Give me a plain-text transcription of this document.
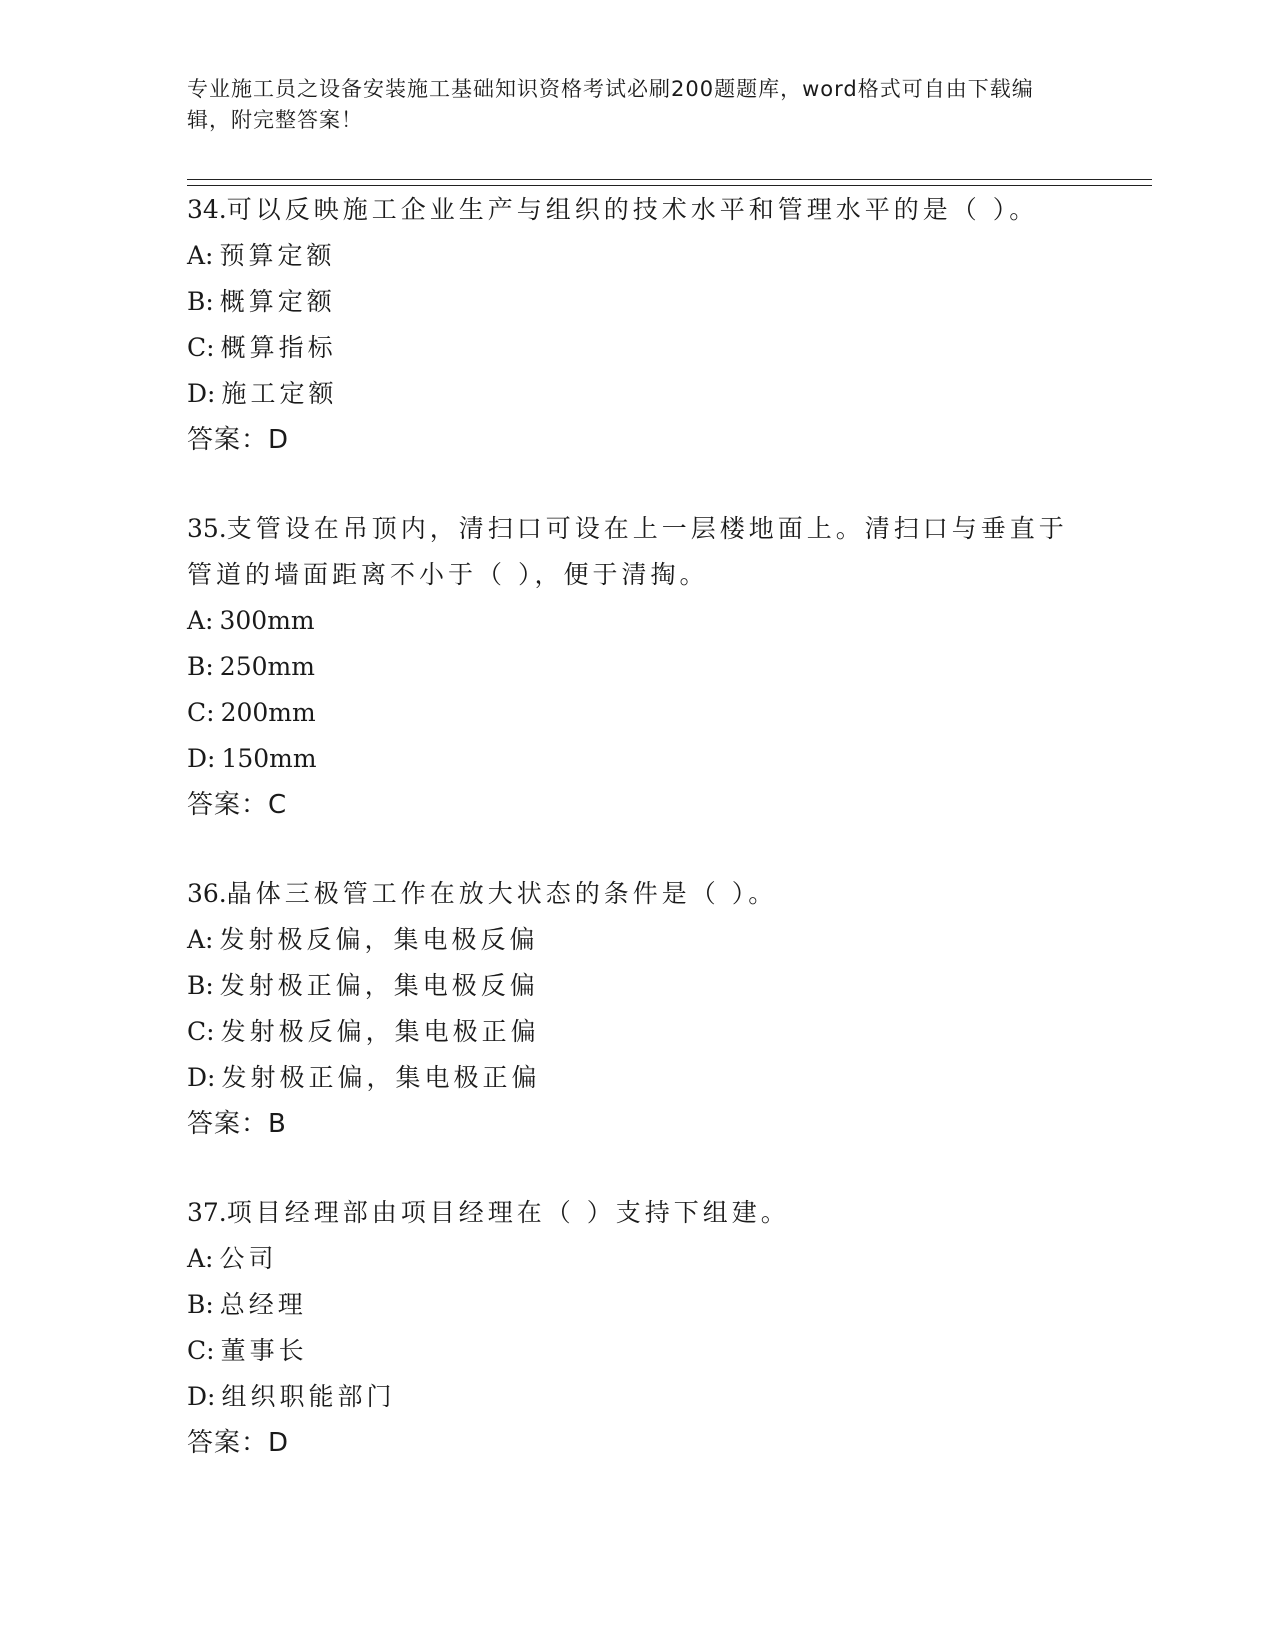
专业施工员之设备安装施工基础知识资格考试必刷200题题库，word格式可自由下载编辑，附完整答案！

34.可以反映施工企业生产与组织的技术水平和管理水平的是（ ）。

A: 预算定额
B: 概算定额
C: 概算指标
D: 施工定额
答案：D

35.支管设在吊顶内，清扫口可设在上一层楼地面上。清扫口与垂直于管道的墙面距离不小于（ ），便于清掏。

A: 300mm
B: 250mm
C: 200mm
D: 150mm
答案：C

36.晶体三极管工作在放大状态的条件是（ ）。

A: 发射极反偏，集电极反偏
B: 发射极正偏，集电极反偏
C: 发射极反偏，集电极正偏
D: 发射极正偏，集电极正偏
答案：B

37.项目经理部由项目经理在（ ）支持下组建。

A: 公司
B: 总经理
C: 董事长
D: 组织职能部门
答案：D
